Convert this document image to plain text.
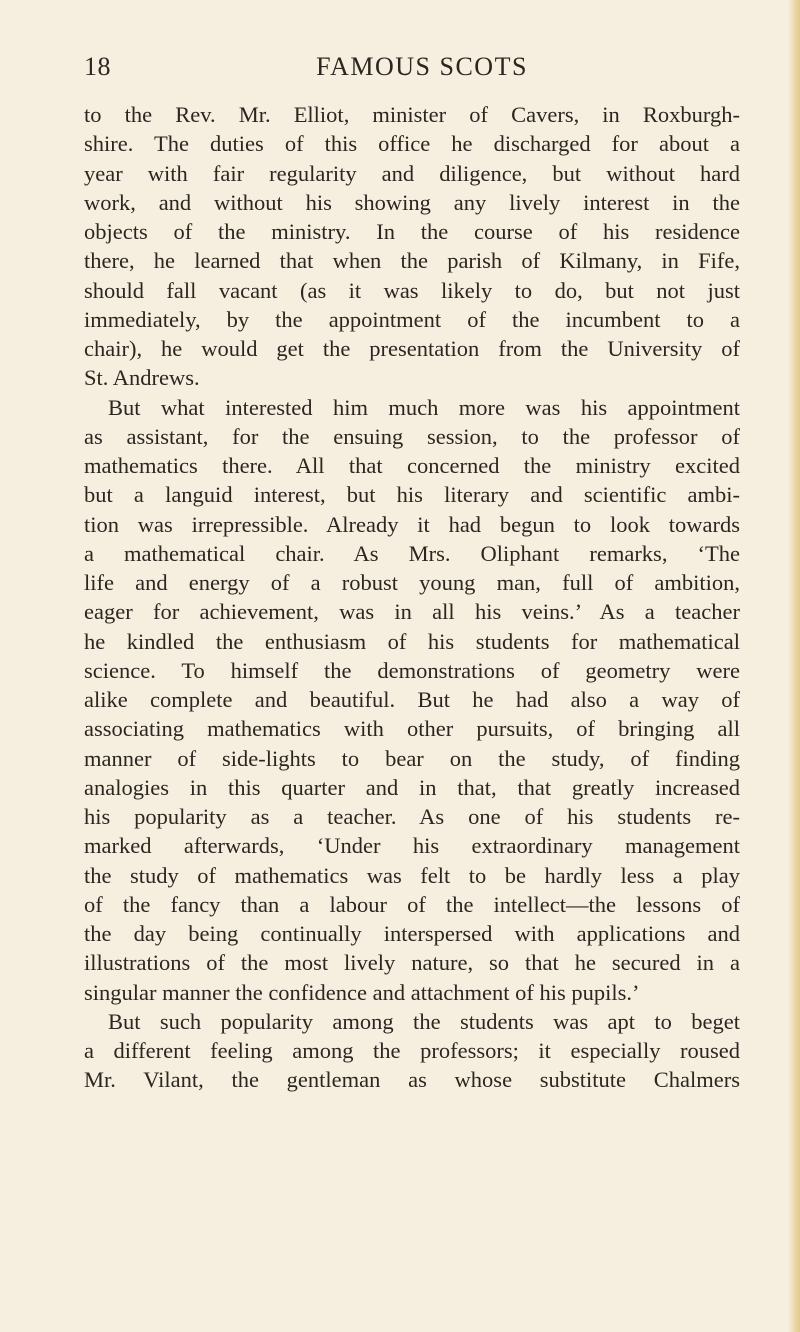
18	FAMOUS SCOTS
to the Rev. Mr. Elliot, minister of Cavers, in Roxburgh-
shire. The duties of this office he discharged for about a
year with fair regularity and diligence, but without hard
work, and without his showing any lively interest in the
objects of the ministry. In the course of his residence
there, he learned that when the parish of Kilmany, in Fife,
should fall vacant (as it was likely to do, but not just
immediately, by the appointment of the incumbent to a
chair), he would get the presentation from the University of
St. Andrews.
But what interested him much more was his appointment
as assistant, for the ensuing session, to the professor of
mathematics there. All that concerned the ministry excited
but a languid interest, but his literary and scientific ambi-
tion was irrepressible. Already it had begun to look towards
a mathematical chair. As Mrs. Oliphant remarks, ‘The
life and energy of a robust young man, full of ambition,
eager for achievement, was in all his veins.’ As a teacher
he kindled the enthusiasm of his students for mathematical
science. To himself the demonstrations of geometry were
alike complete and beautiful. But he had also a way of
associating mathematics with other pursuits, of bringing all
manner of side-lights to bear on the study, of finding
analogies in this quarter and in that, that greatly increased
his popularity as a teacher. As one of his students re-
marked afterwards, ‘Under his extraordinary management
the study of mathematics was felt to be hardly less a play
of the fancy than a labour of the intellect—the lessons of
the day being continually interspersed with applications and
illustrations of the most lively nature, so that he secured in a
singular manner the confidence and attachment of his pupils.’
But such popularity among the students was apt to beget
a different feeling among the professors; it especially roused
Mr. Vilant, the gentleman as whose substitute Chalmers
